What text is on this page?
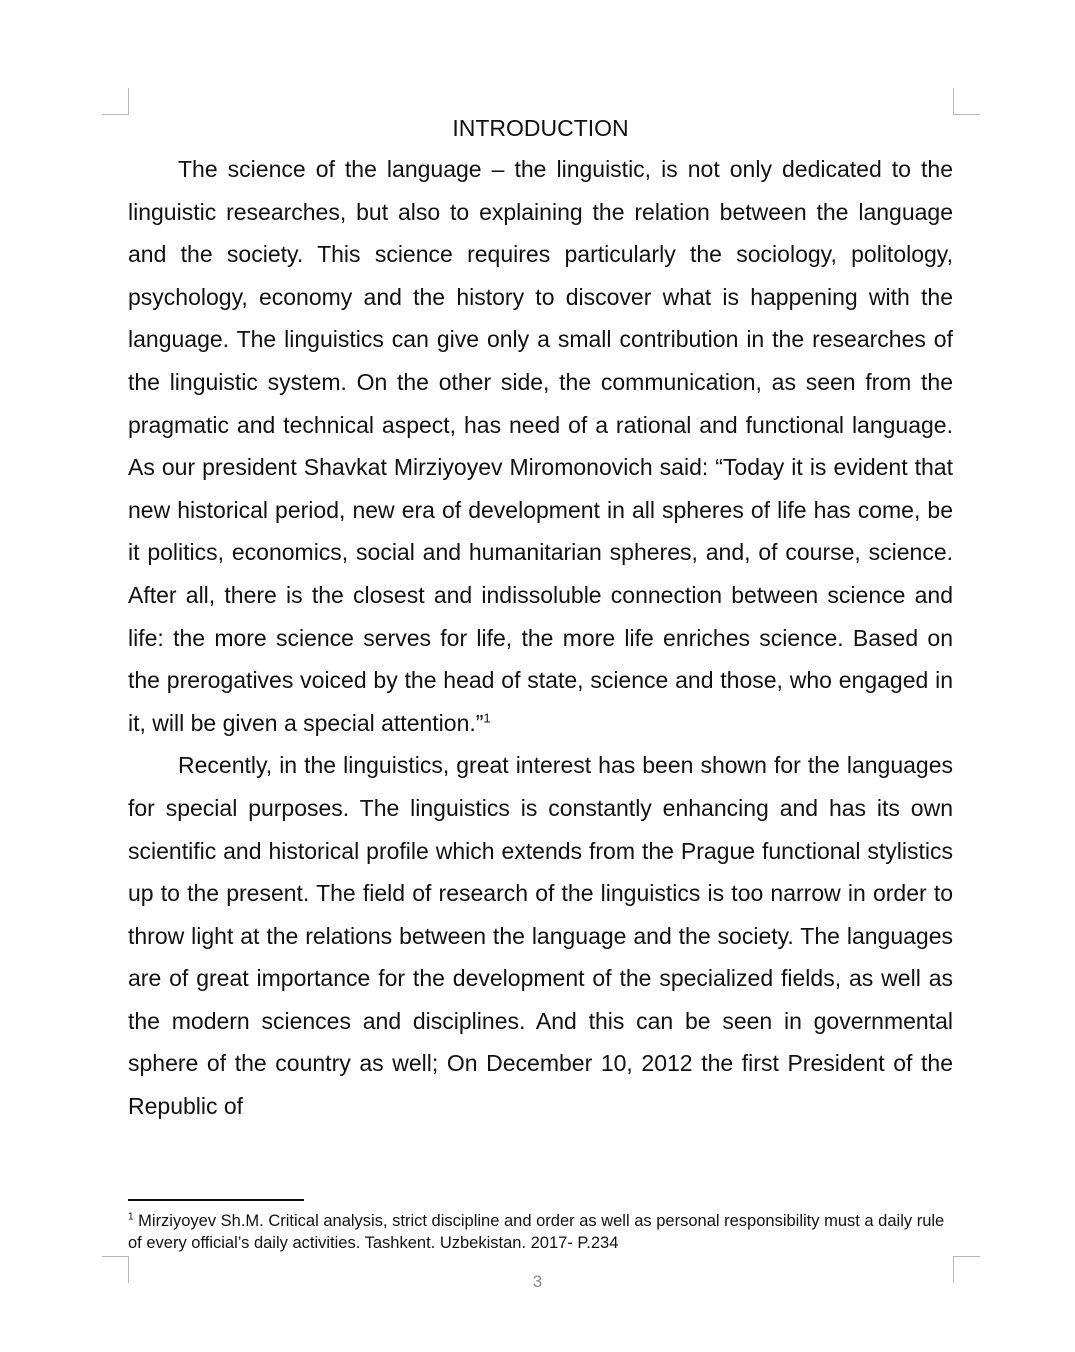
INTRODUCTION

The science of the language – the linguistic, is not only dedicated to the linguistic researches, but also to explaining the relation between the language and the society. This science requires particularly the sociology, politology, psychology, economy and the history to discover what is happening with the language. The linguistics can give only a small contribution in the researches of the linguistic system. On the other side, the communication, as seen from the pragmatic and technical aspect, has need of a rational and functional language. As our president Shavkat Mirziyoyev Miromonovich said: “Today it is evident that new historical period, new era of development in all spheres of life has come, be it politics, economics, social and humanitarian spheres, and, of course, science. After all, there is the closest and indissoluble connection between science and life: the more science serves for life, the more life enriches science. Based on the prerogatives voiced by the head of state, science and those, who engaged in it, will be given a special attention.”$^1$

Recently, in the linguistics, great interest has been shown for the languages for special purposes. The linguistics is constantly enhancing and has its own scientific and historical profile which extends from the Prague functional stylistics up to the present. The field of research of the linguistics is too narrow in order to throw light at the relations between the language and the society. The languages are of great importance for the development of the specialized fields, as well as the modern sciences and disciplines. And this can be seen in governmental sphere of the country as well; On December 10, 2012 the first President of the Republic of

$^1$ Mirziyoyev Sh.M. Critical analysis, strict discipline and order as well as personal responsibility must a daily rule of every official’s daily activities. Tashkent. Uzbekistan. 2017- P.234
3
